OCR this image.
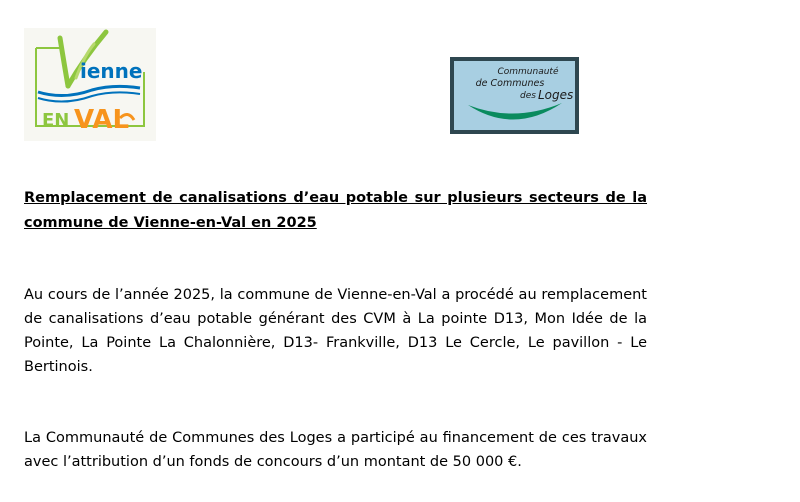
ienne
EN VAL
Communauté
de Communes
des Loges
Remplacement de canalisations d’eau potable sur plusieurs secteurs de la commune de Vienne-en-Val en 2025
Au cours de l’année 2025, la commune de Vienne-en-Val a procédé au remplacement de canalisations d’eau potable générant des CVM à La pointe D13, Mon Idée de la Pointe, La Pointe La Chalonnière, D13- Frankville, D13 Le Cercle, Le pavillon - Le Bertinois.
La Communauté de Communes des Loges a participé au financement de ces travaux avec l’attribution d’un fonds de concours d’un montant de 50 000 €.
